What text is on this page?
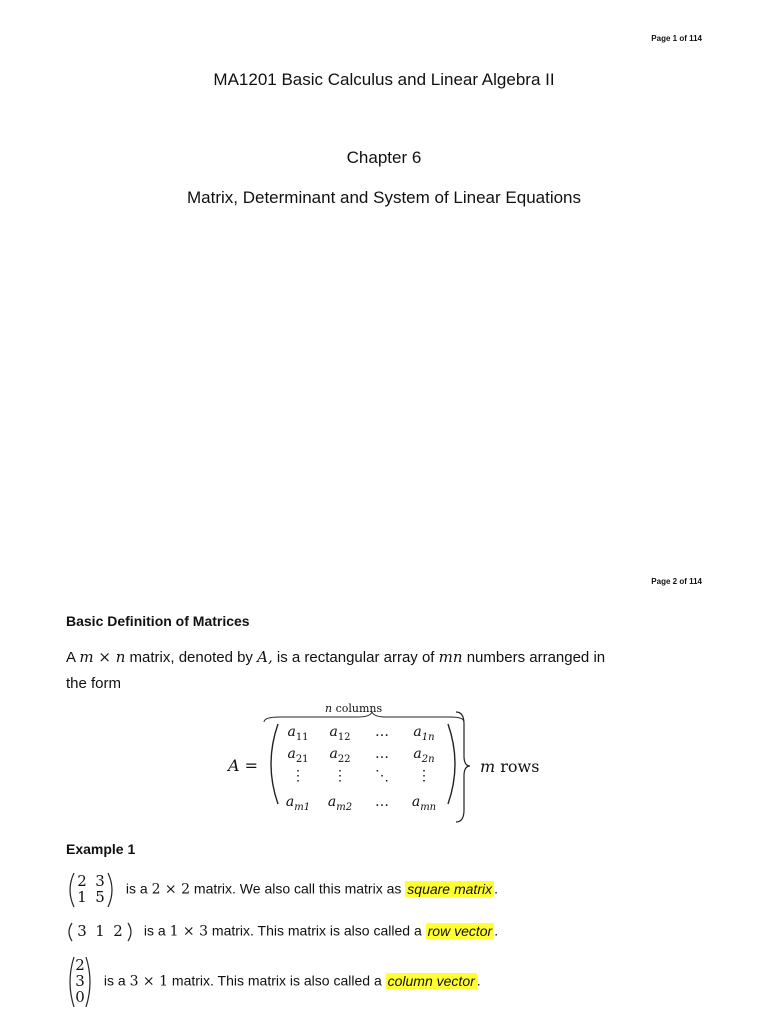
Page 1 of 114
MA1201 Basic Calculus and Linear Algebra II
Chapter 6
Matrix, Determinant and System of Linear Equations
Page 2 of 114
Basic Definition of Matrices
A m × n matrix, denoted by A, is a rectangular array of mn numbers arranged in
the form
n columns
A =
$a_{11}$	$a_{12}$	…	$a_{1n}$
$a_{21}$	$a_{22}$	…	$a_{2n}$
⋮	⋮	⋱	⋮
$a_{m1}$	$a_{m2}$	…	$a_{mn}$
m rows
Example 1
2 3
1 5	is a 2 × 2 matrix. We also call this matrix as square matrix .
3 1 2	is a 1 × 3 matrix. This matrix is also called a row vector .
2
3
0
is a 3 × 1 matrix. This matrix is also called a column vector .
